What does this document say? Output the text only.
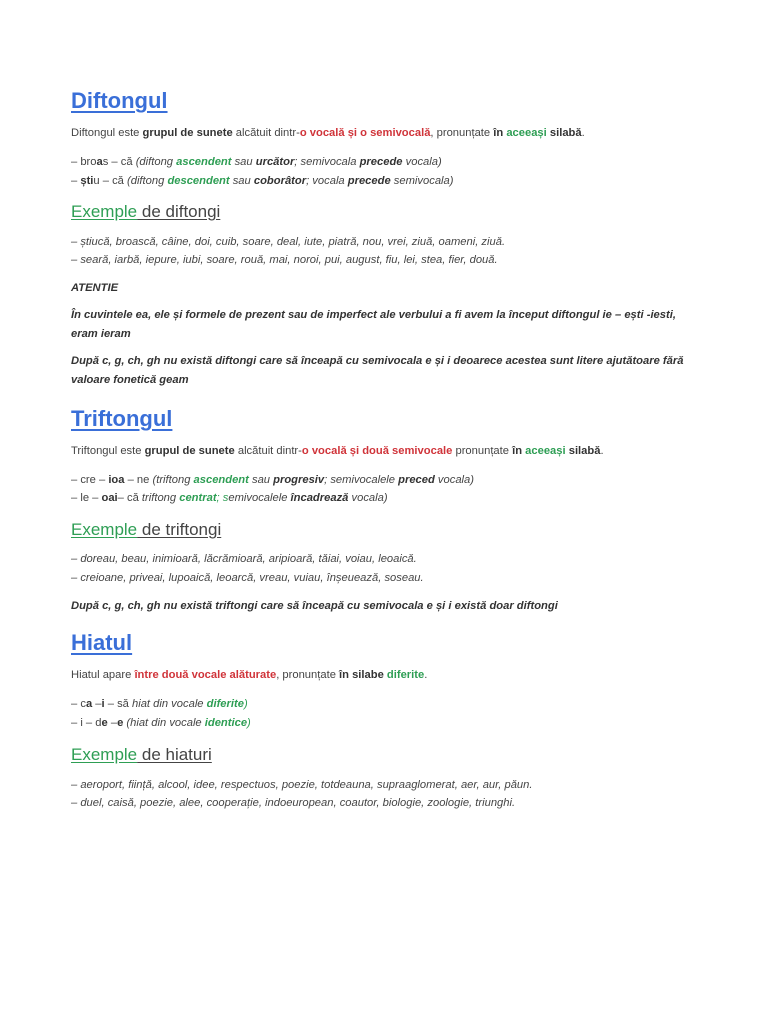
Diftongul
Diftongul este grupul de sunete alcătuit dintr-o vocală și o semivocală, pronunțate în aceeași silabă.
– broas – că (diftong ascendent sau urcător; semivocala precede vocala)
– știu – că (diftong descendent sau coborâtor; vocala precede semivocala)
Exemple de diftongi
– știucă, broască, câine, doi, cuib, soare, deal, iute, piatră, nou, vrei, ziuă, oameni, ziuă.
– seară, iarbă, iepure, iubi, soare, rouă, mai, noroi, pui, august, fiu, lei, stea, fier, două.
ATENTIE
În cuvintele ea, ele și formele de prezent sau de imperfect ale verbului a fi avem la început diftongul ie – ești -iesti, eram ieram
După c, g, ch, gh nu există diftongi care să înceapă cu semivocala e și i deoarece acestea sunt litere ajutătoare fără valoare fonetică geam
Triftongul
Triftongul este grupul de sunete alcătuit dintr-o vocală și două semivocale pronunțate în aceeași silabă.
– cre – ioa – ne (triftong ascendent sau progresiv; semivocalele preced vocala)
– le – oai– că triftong centrat; semivocalele încadrează vocala)
Exemple de triftongi
– doreau, beau, inimioară, lăcrămioară, aripioară, tăiai, voiau, leoaică.
– creioane, priveai, lupoaică, leoarcă, vreau, vuiau, înșeuează, soseau.
După c, g, ch, gh nu există triftongi care să înceapă cu semivocala e și i există doar diftongi
Hiatul
Hiatul apare între două vocale alăturate, pronunțate în silabe diferite.
– ca –i – să hiat din vocale diferite)
– i – de –e (hiat din vocale identice)
Exemple de hiaturi
– aeroport, ființă, alcool, idee, respectuos, poezie, totdeauna, supraaglomerat, aer, aur, păun.
– duel, caisă, poezie, alee, cooperație, indoeuropean, coautor, biologie, zoologie, triunghi.
